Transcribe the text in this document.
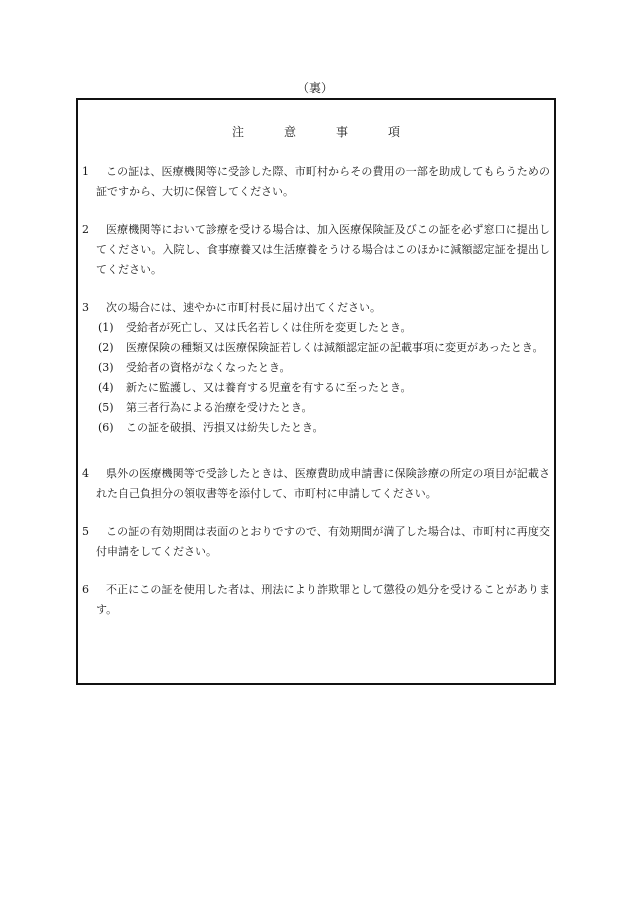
（裏）
注	意	事	項
1	この証は、医療機関等に受診した際、市町村からその費用の一部を助成してもらうための証ですから、大切に保管してください。
2	医療機関等において診療を受ける場合は、加入医療保険証及びこの証を必ず窓口に提出してください。入院し、食事療養又は生活療養をうける場合はこのほかに減額認定証を提出してください。
3	次の場合には、速やかに市町村長に届け出てください。
(1) 受給者が死亡し、又は氏名若しくは住所を変更したとき。
(2) 医療保険の種類又は医療保険証若しくは減額認定証の記載事項に変更があったとき。
(3) 受給者の資格がなくなったとき。
(4) 新たに監護し、又は養育する児童を有するに至ったとき。
(5) 第三者行為による治療を受けたとき。
(6) この証を破損、汚損又は紛失したとき。
4	県外の医療機関等で受診したときは、医療費助成申請書に保険診療の所定の項目が記載された自己負担分の領収書等を添付して、市町村に申請してください。
5	この証の有効期間は表面のとおりですので、有効期間が満了した場合は、市町村に再度交付申請をしてください。
6	不正にこの証を使用した者は、刑法により詐欺罪として懲役の処分を受けることがあります。
